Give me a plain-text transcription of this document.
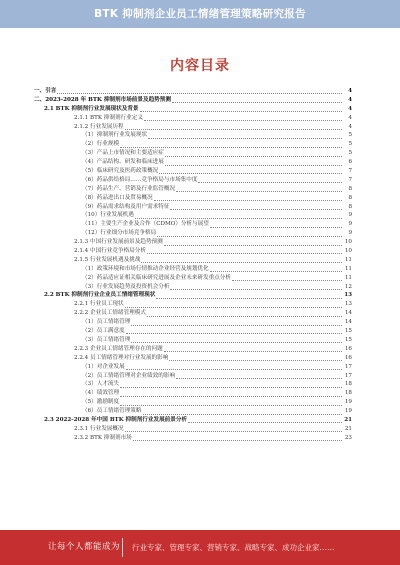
BTK 抑制剂企业员工情绪管理策略研究报告
内容目录
一、引言	4
二、2023-2028 年 BTK 抑制剂市场前景及趋势预测	4
2.1 BTK 抑制剂行业发展现状及背景	4
2.1.1 BTK 抑制剂行业定义	4
2.1.2 行业发展历程	4
（1）抑制剂行业发展现状	5
（2）行业规模	5
（3）产品上市情况和主要适应症	5
（4）产品结构、研发和临床进展	6
（5）临床研究及医药政策概况	7
（6）药品供给格局……竞争格局与市场集中度	7
（7）药品生产、营销及行业监管概况	8
（8）药品进出口及贸易概况	8
（9）药品需求结构及用户需求特征	8
（10）行业发展机遇	9
（11）主要生产企业及合作（CDMO）分析与展望	9
（12）行业细分市场竞争格局	9
2.1.3 中国行业发展前景及趋势预测	10
2.1.4 中国行业竞争格局分析	10
2.1.5 行业发展机遇及挑战	11
（1）政策环境和市场行情推动企业经营及规划优化	11
（2）药品适应证相关临床研究进展及企业未来研发重点分析	11
（3）行业发展趋势及投资机会分析	12
2.2 BTK 抑制剂行业企业员工情绪管理现状	13
2.2.1 行业员工现状	13
2.2.2 企业员工情绪管理模式	14
（1）员工情绪管理	14
（2）员工满意度	15
（3）员工情绪管理	15
2.2.3 企业员工情绪管理存在的问题	16
2.2.4 员工情绪管理对行业发展的影响	16
（1）对企业发展	17
（2）员工情绪管理对企业绩效的影响	17
（3）人才流失	18
（4）绩效管理	18
（5）激励制度	19
（6）员工情绪管理策略	19
2.3 2022-2028 年中国 BTK 抑制剂行业发展前景分析	21
2.3.1 行业发展概况	21
2.3.2 BTK 抑制剂市场	23
让每个人都能成为 行业专家、管理专家、营销专家、战略专家、成功企业家……
